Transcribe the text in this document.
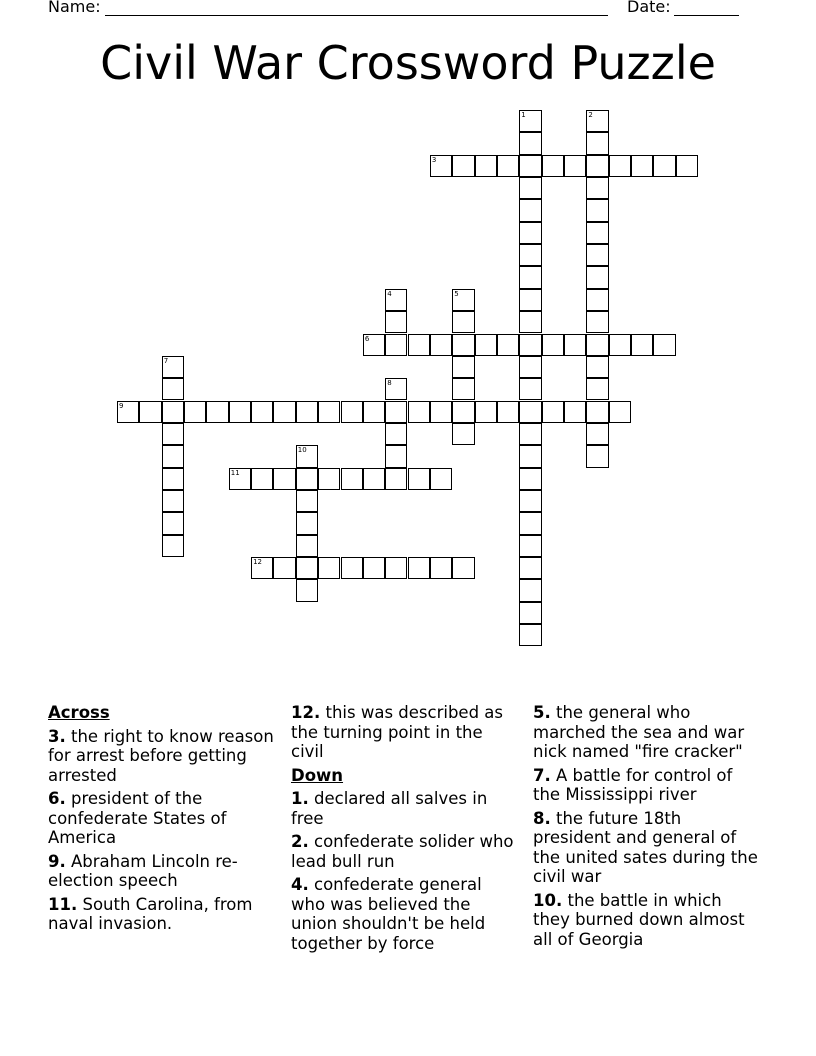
Name:	Date:
Civil War Crossword Puzzle
1	2
3
4	5
6
7
8
9
10
11
12
Across
3. the right to know reason for arrest before getting arrested
6. president of the confederate States of America
9. Abraham Lincoln re-election speech
11. South Carolina, from naval invasion.
12. this was described as the turning point in the civil
Down
1. declared all salves in free
2. confederate solider who lead bull run
4. confederate general who was believed the union shouldn't be held together by force
5. the general who marched the sea and war nick named "fire cracker"
7. A battle for control of the Mississippi river
8. the future 18th president and general of the united sates during the civil war
10. the battle in which they burned down almost all of Georgia
